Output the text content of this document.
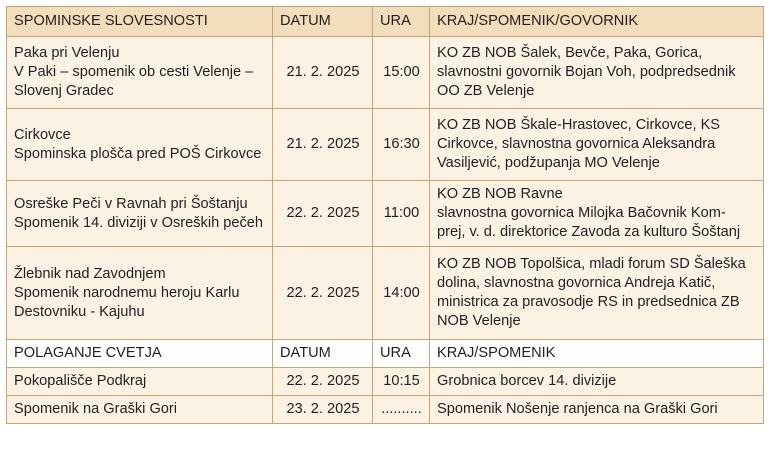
SPOMINSKE SLOVESNOSTI	DATUM	URA	KRAJ/SPOMENIK/GOVORNIK
Paka pri Velenju
V Paki – spomenik ob cesti Velenje – Slovenj Gradec	21. 2. 2025	15:00	KO ZB NOB Šalek, Bevče, Paka, Gorica, slavnostni govornik Bojan Voh, podpredsednik OO ZB Velenje
Cirkovce
Spominska plošča pred POŠ Cirkovce	21. 2. 2025	16:30	KO ZB NOB Škale-Hrastovec, Cirkovce, KS Cirkovce, slavnostna govornica Aleksandra Vasiljević, podžupanja MO Velenje
Osreške Peči v Ravnah pri Šoštanju
Spomenik 14. diviziji v Osreških pečeh	22. 2. 2025	11:00	KO ZB NOB Ravne
slavnostna govornica Milojka Bačovnik Kom-
prej, v. d. direktorice Zavoda za kulturo Šoštanj
Žlebnik nad Zavodnjem
Spomenik narodnemu heroju Karlu Destovniku - Kajuhu	22. 2. 2025	14:00	KO ZB NOB Topolšica, mladi forum SD Šaleška dolina, slavnostna govornica Andreja Katič, ministrica za pravosodje RS in predsednica ZB NOB Velenje
POLAGANJE CVETJA	DATUM	URA	KRAJ/SPOMENIK
Pokopališče Podkraj	22. 2. 2025	10:15	Grobnica borcev 14. divizije
Spomenik na Graški Gori	23. 2. 2025	..........	Spomenik Nošenje ranjenca na Graški Gori
